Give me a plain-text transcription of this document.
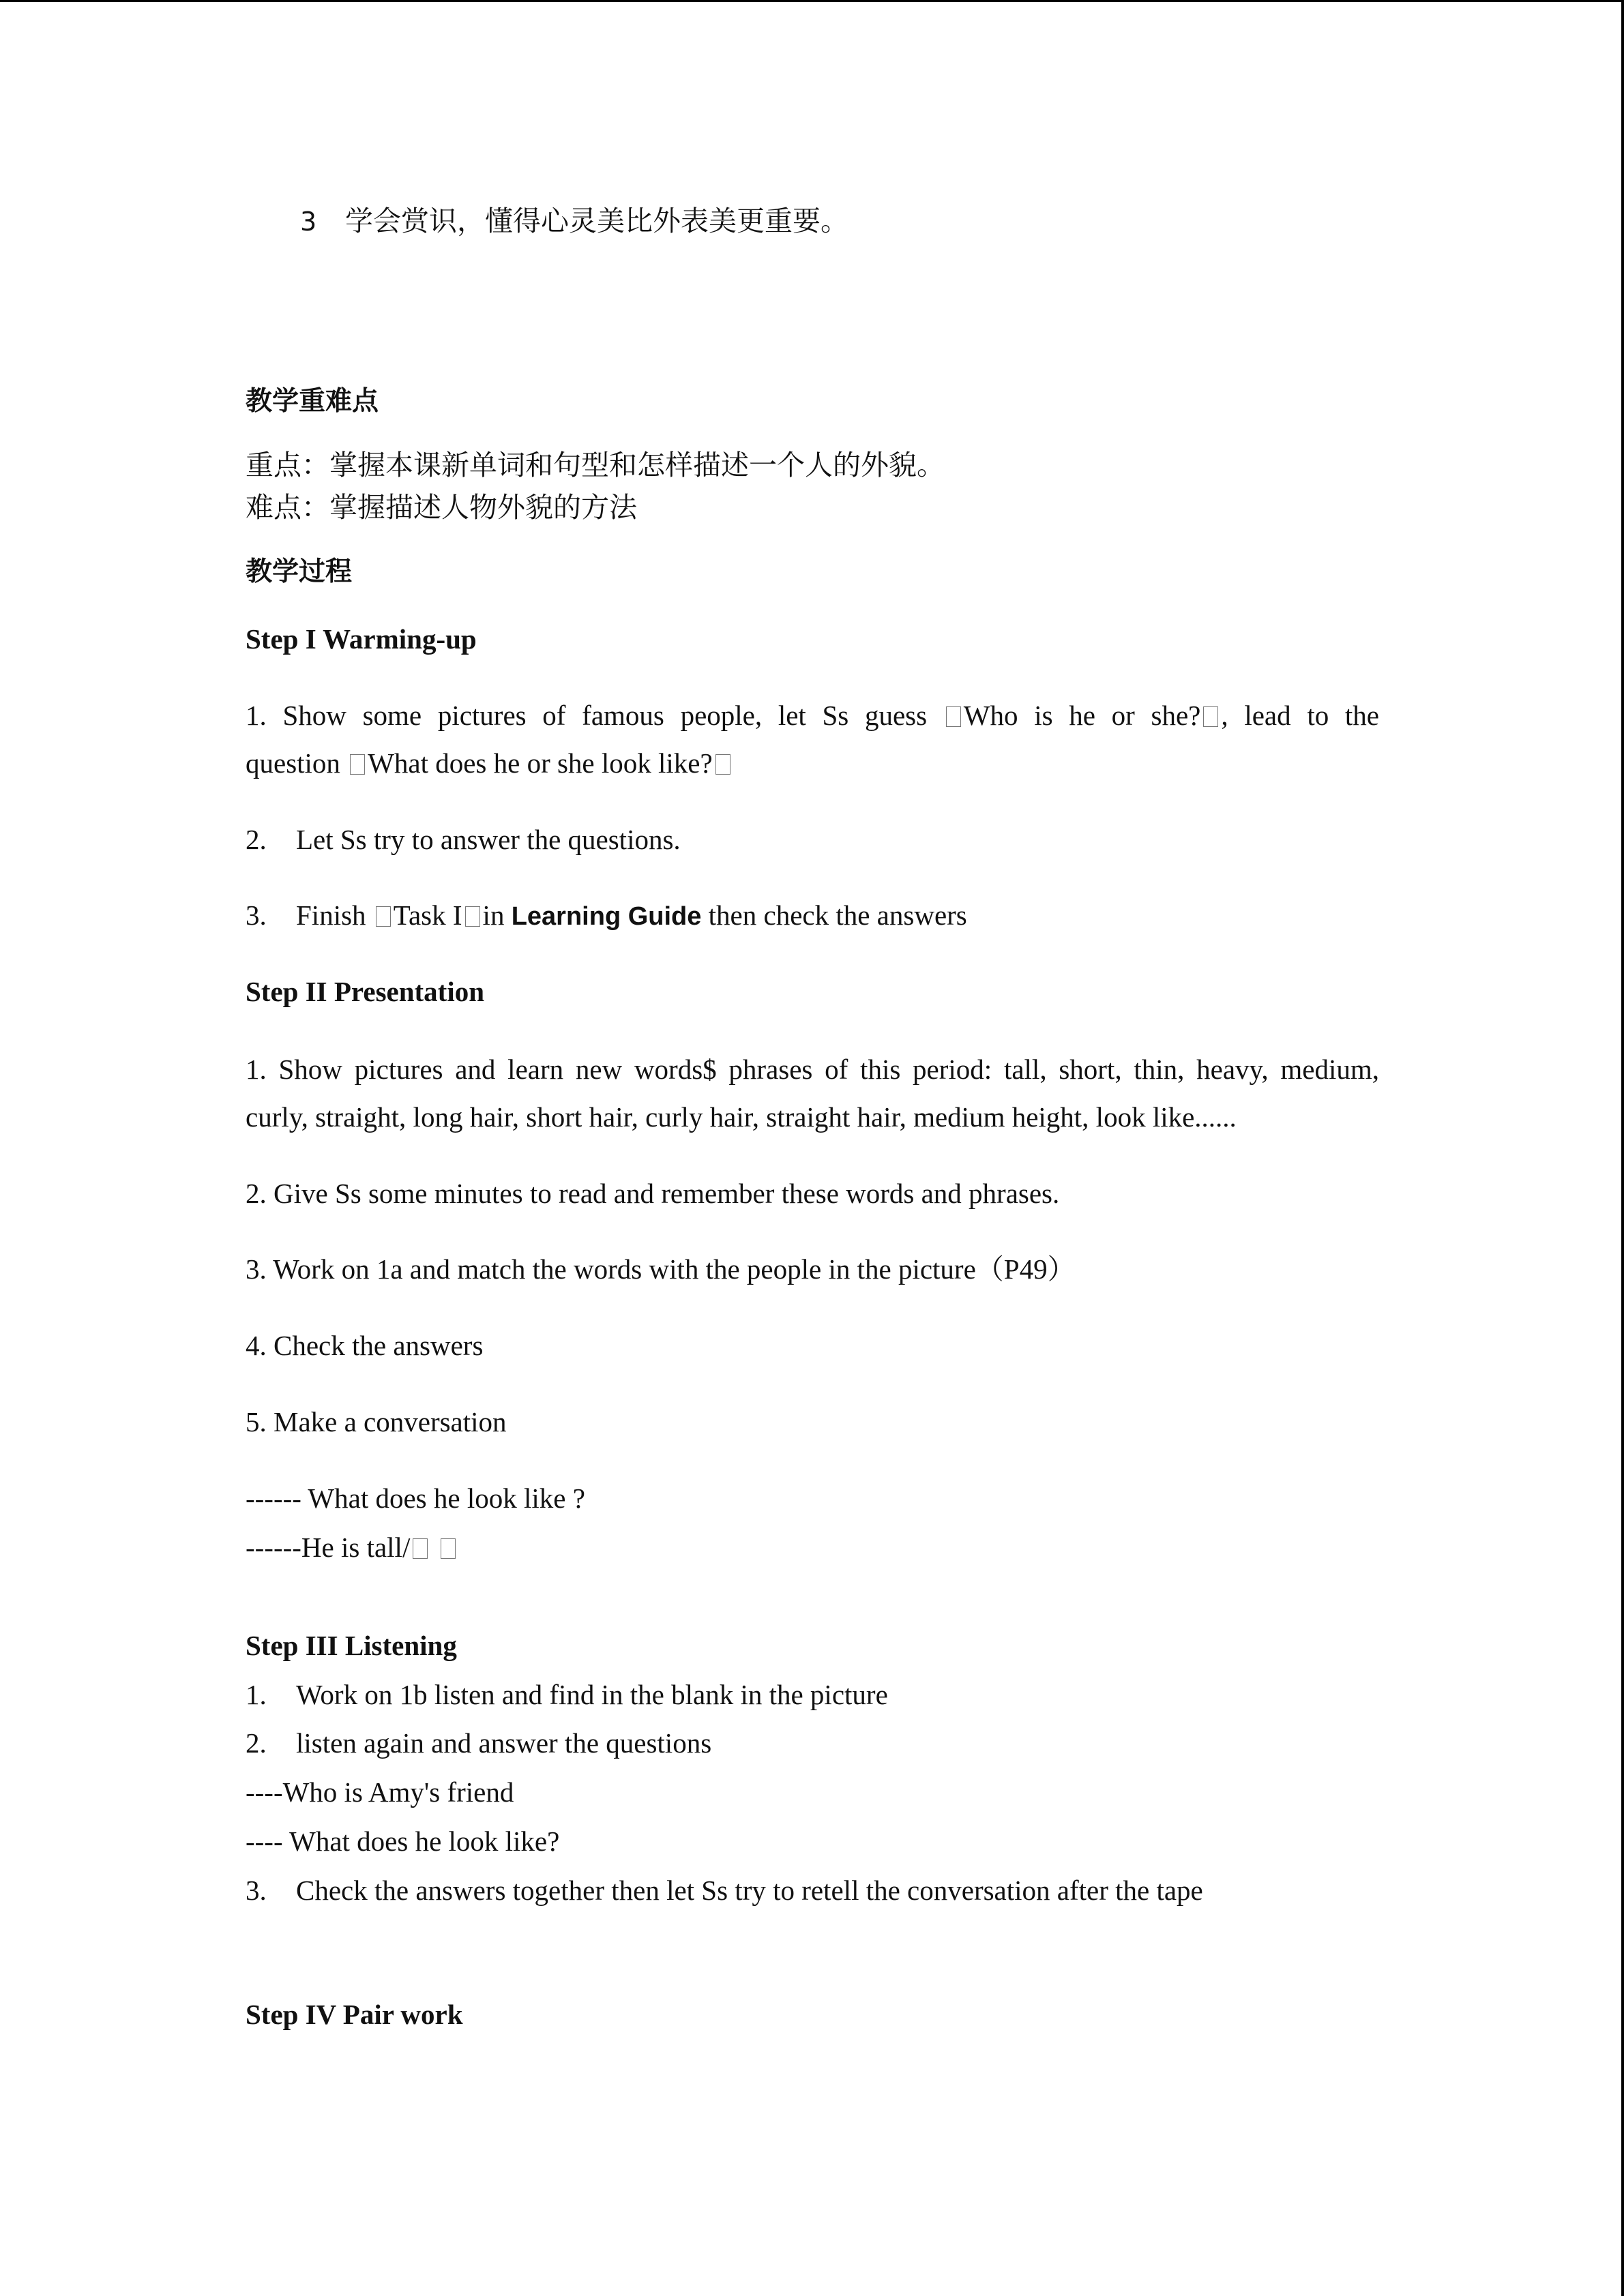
3 学会赏识，懂得心灵美比外表美更重要。

教学重难点

重点：掌握本课新单词和句型和怎样描述一个人的外貌。

难点：掌握描述人物外貌的方法

教学过程

Step I Warming-up

1. Show some pictures of famous people, let Ss guess Who is he or she? , lead to the

question What does he or she look like?

2. Let Ss try to answer the questions.

3. Finish Task I in Learning Guide then check the answers

Step II Presentation

1. Show pictures and learn new words$ phrases of this period: tall, short, thin, heavy, medium,

curly, straight, long hair, short hair, curly hair, straight hair, medium height, look like......

2. Give Ss some minutes to read and remember these words and phrases.

3. Work on 1a and match the words with the people in the picture（P49）

4. Check the answers

5. Make a conversation

------ What does he look like ?

------He is tall/

Step III Listening

1. Work on 1b listen and find in the blank in the picture

2. listen again and answer the questions

----Who is Amy's friend

---- What does he look like?

3. Check the answers together then let Ss try to retell the conversation after the tape

Step IV Pair work
